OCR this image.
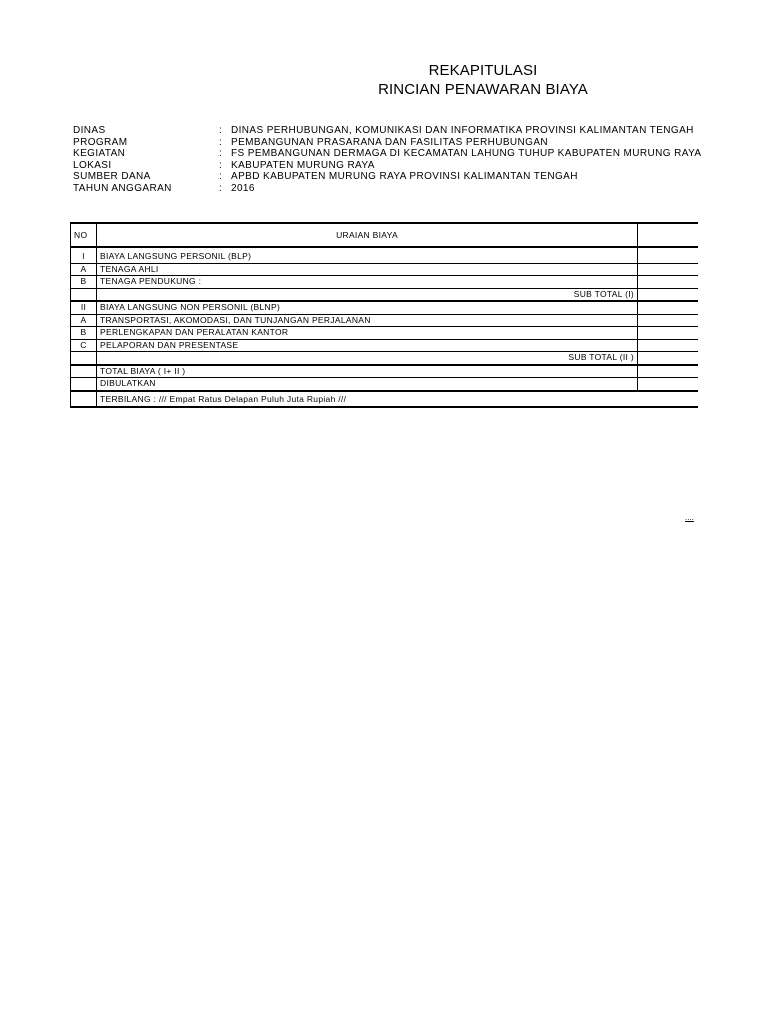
REKAPITULASI
RINCIAN PENAWARAN BIAYA
DINAS	: DINAS PERHUBUNGAN, KOMUNIKASI DAN INFORMATIKA PROVINSI KALIMANTAN TENGAH
PROGRAM	: PEMBANGUNAN PRASARANA DAN FASILITAS PERHUBUNGAN
KEGIATAN	: FS PEMBANGUNAN DERMAGA DI KECAMATAN LAHUNG TUHUP KABUPATEN MURUNG RAYA
LOKASI	: KABUPATEN MURUNG RAYA
SUMBER DANA	: APBD KABUPATEN MURUNG RAYA PROVINSI KALIMANTAN TENGAH
TAHUN ANGGARAN	: 2016
NO	URAIAN BIAYA	

I	BIAYA LANGSUNG PERSONIL (BLP)	
A	TENAGA AHLI	
B	TENAGA PENDUKUNG :	
	SUB TOTAL (I)	
II	BIAYA LANGSUNG NON PERSONIL (BLNP)	
A	TRANSPORTASI, AKOMODASI, DAN TUNJANGAN PERJALANAN	
B	PERLENGKAPAN DAN PERALATAN KANTOR	
C	PELAPORAN DAN PRESENTASE	
	SUB TOTAL (II )	
	TOTAL BIAYA ( I+ II )	
	DIBULATKAN	
	TERBILANG : /// Empat Ratus Delapan Puluh Juta Rupiah ///	
....
